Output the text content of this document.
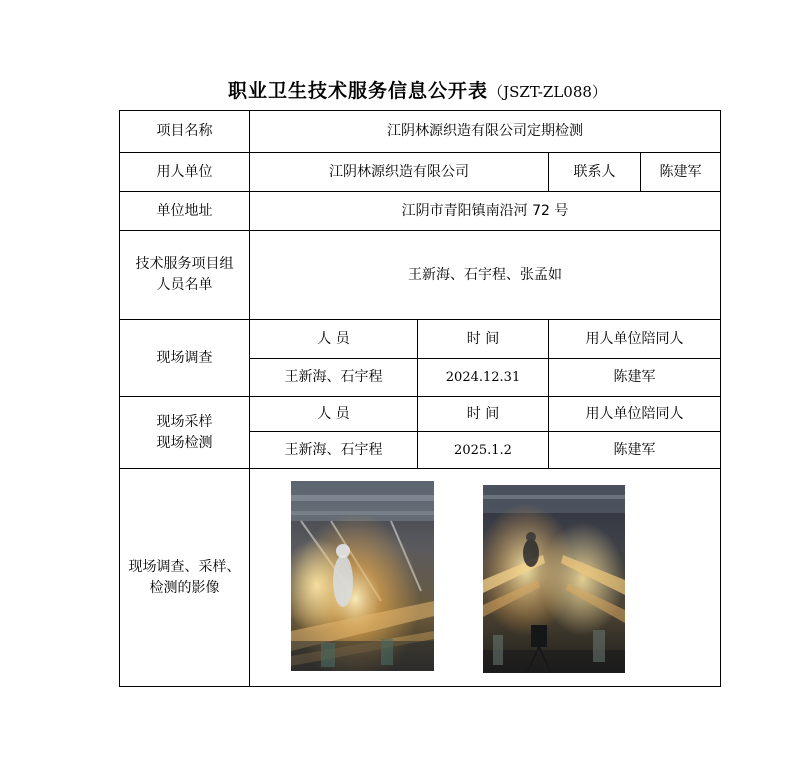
职业卫生技术服务信息公开表（JSZT-ZL088）
项目名称	江阴林源织造有限公司定期检测			
用人单位	江阴林源织造有限公司		联系人	陈建军
单位地址	江阴市青阳镇南沿河 72 号			

技术服务项目组
人员名单	王新海、石宇程、张孟如			
现场调查	人 员	时 间	用人单位陪同人	
	王新海、石宇程	2024.12.31	陈建军	

现场采样
现场检测	人 员	时 间	用人单位陪同人	
	王新海、石宇程	2025.1.2	陈建军	

现场调查、采样、
检测的影像
